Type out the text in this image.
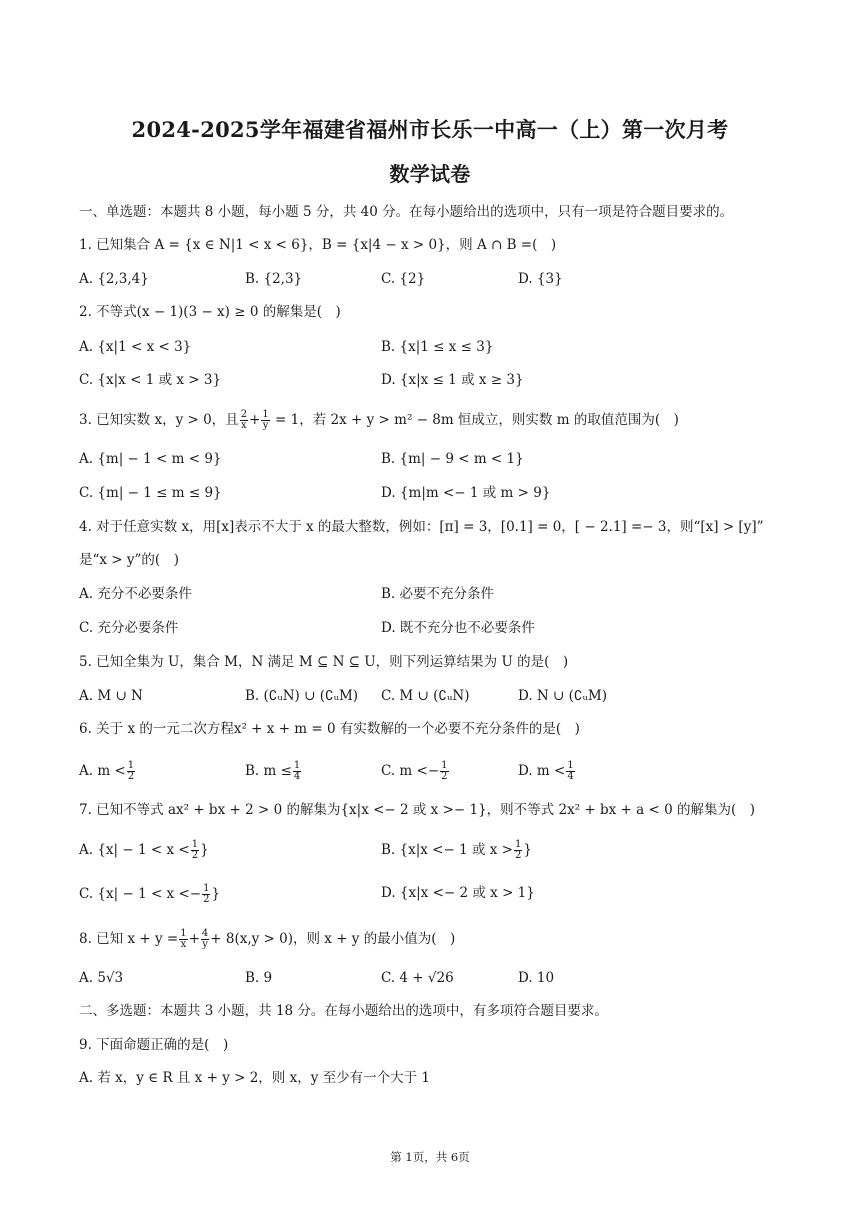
2024-2025学年福建省福州市长乐一中高一（上）第一次月考
数学试卷
一、单选题：本题共 8 小题，每小题 5 分，共 40 分。在每小题给出的选项中，只有一项是符合题目要求的。
1. 已知集合 A = {x ∈ N|1 < x < 6}，B = {x|4 − x > 0}，则 A ∩ B =(　)
A. {2,3,4}	B. {2,3}	C. {2}	D. {3}
2. 不等式(x − 1)(3 − x) ≥ 0 的解集是(　)
A. {x|1 < x < 3}	B. {x|1 ≤ x ≤ 3}
C. {x|x < 1 或 x > 3}	D. {x|x ≤ 1 或 x ≥ 3}
3. 已知实数 x，y > 0，且 $\frac{2}{x} + \frac{1}{y} = 1$，若 2x + y > m² − 8m 恒成立，则实数 m 的取值范围为(　)
A. {m| − 1 < m < 9}	B. {m| − 9 < m < 1}
C. {m| − 1 ≤ m ≤ 9}	D. {m|m <− 1 或 m > 9}
4. 对于任意实数 x，用[x]表示不大于 x 的最大整数，例如：[π] = 3，[0.1] = 0，[ − 2.1] =− 3，则“[x] > [y]”
是“x > y”的(　)
A. 充分不必要条件	B. 必要不充分条件
C. 充分必要条件	D. 既不充分也不必要条件
5. 已知全集为 U，集合 M，N 满足 M ⊆ N ⊆ U，则下列运算结果为 U 的是(　)
A. M ∪ N	B. (∁ᵤN) ∪ (∁ᵤM) C. M ∪ (∁ᵤN)	D. N ∪ (∁ᵤM)
6. 关于 x 的一元二次方程x² + x + m = 0 有实数解的一个必要不充分条件的是(　)
A. $m < \frac{1}{2}$	B. $m \le \frac{1}{4}$	C. $m <- \frac{1}{2}$	D. $m < \frac{1}{4}$
7. 已知不等式 ax² + bx + 2 > 0 的解集为{x|x <− 2 或 x >− 1}，则不等式 2x² + bx + a < 0 的解集为(　)
A. {$x| - 1 < x < \frac{1}{2}$ }	B. {x|x <− 1 或 $x > \frac{1}{2}$ }
C. {$x| - 1 < x <- \frac{1}{2}$ }	D. {x|x <− 2 或 x > 1}
8. 已知 $x + y = \frac{1}{x} + \frac{4}{y} + 8(x,y > 0)$，则 x + y 的最小值为(　)
A. 5√3	B. 9	C. 4 + √26	D. 10
二、多选题：本题共 3 小题，共 18 分。在每小题给出的选项中，有多项符合题目要求。
9. 下面命题正确的是(　)
A. 若 x，y ∈ R 且 x + y > 2，则 x，y 至少有一个大于 1
第 1页，共 6页
